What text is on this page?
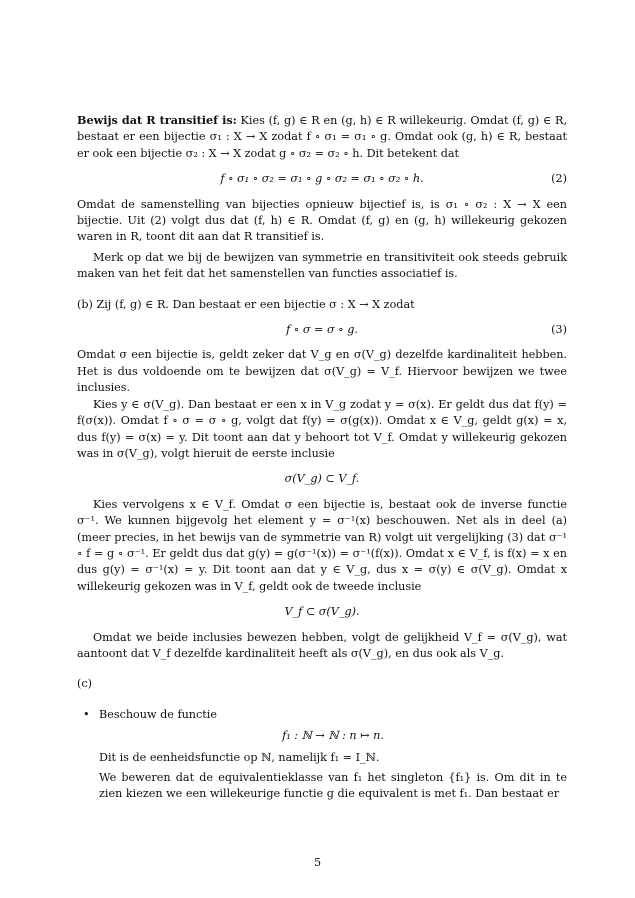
Bewijs dat R transitief is: Kies (f, g) ∈ R en (g, h) ∈ R willekeurig. Omdat (f, g) ∈ R, bestaat er een bijectie σ₁ : X → X zodat f ∘ σ₁ = σ₁ ∘ g. Omdat ook (g, h) ∈ R, bestaat er ook een bijectie σ₂ : X → X zodat g ∘ σ₂ = σ₂ ∘ h. Dit betekent dat

f ∘ σ₁ ∘ σ₂ = σ₁ ∘ g ∘ σ₂ = σ₁ ∘ σ₂ ∘ h.	(2)

Omdat de samenstelling van bijecties opnieuw bijectief is, is σ₁ ∘ σ₂ : X → X een bijectie. Uit (2) volgt dus dat (f, h) ∈ R. Omdat (f, g) en (g, h) willekeurig gekozen waren in R, toont dit aan dat R transitief is.

Merk op dat we bij de bewijzen van symmetrie en transitiviteit ook steeds gebruik maken van het feit dat het samenstellen van functies associatief is.

(b) Zij (f, g) ∈ R. Dan bestaat er een bijectie σ : X → X zodat

f ∘ σ = σ ∘ g.	(3)

Omdat σ een bijectie is, geldt zeker dat V_g en σ(V_g) dezelfde kardinaliteit hebben. Het is dus voldoende om te bewijzen dat σ(V_g) = V_f. Hiervoor bewijzen we twee inclusies.

Kies y ∈ σ(V_g). Dan bestaat er een x in V_g zodat y = σ(x). Er geldt dus dat f(y) = f(σ(x)). Omdat f ∘ σ = σ ∘ g, volgt dat f(y) = σ(g(x)). Omdat x ∈ V_g, geldt g(x) = x, dus f(y) = σ(x) = y. Dit toont aan dat y behoort tot V_f. Omdat y willekeurig gekozen was in σ(V_g), volgt hieruit de eerste inclusie

σ(V_g) ⊂ V_f.

Kies vervolgens x ∈ V_f. Omdat σ een bijectie is, bestaat ook de inverse functie σ⁻¹. We kunnen bijgevolg het element y = σ⁻¹(x) beschouwen. Net als in deel (a) (meer precies, in het bewijs van de symmetrie van R) volgt uit vergelijking (3) dat σ⁻¹ ∘ f = g ∘ σ⁻¹. Er geldt dus dat g(y) = g(σ⁻¹(x)) = σ⁻¹(f(x)). Omdat x ∈ V_f, is f(x) = x en dus g(y) = σ⁻¹(x) = y. Dit toont aan dat y ∈ V_g, dus x = σ(y) ∈ σ(V_g). Omdat x willekeurig gekozen was in V_f, geldt ook de tweede inclusie

V_f ⊂ σ(V_g).

Omdat we beide inclusies bewezen hebben, volgt de gelijkheid V_f = σ(V_g), wat aantoont dat V_f dezelfde kardinaliteit heeft als σ(V_g), en dus ook als V_g.

(c)

• Beschouw de functie

f₁ : ℕ → ℕ : n ↦ n.

Dit is de eenheidsfunctie op ℕ, namelijk f₁ = I_ℕ.

We beweren dat de equivalentieklasse van f₁ het singleton {f₁} is. Om dit in te zien kiezen we een willekeurige functie g die equivalent is met f₁. Dan bestaat er

5
